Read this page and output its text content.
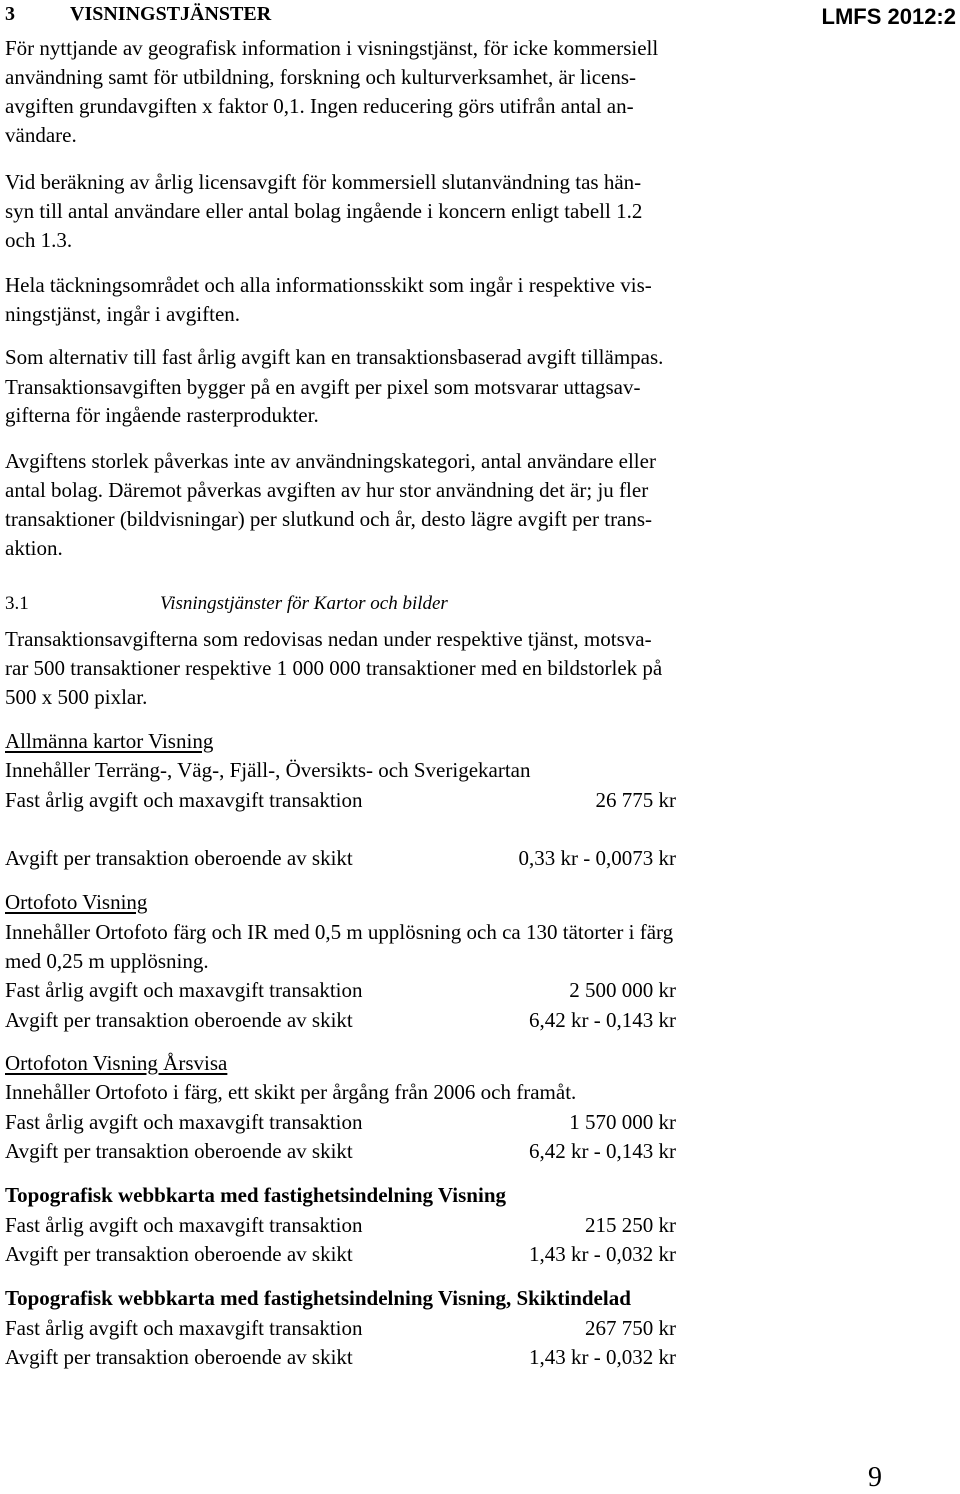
3	VISNINGSTJÄNSTER	LMFS 2012:2
För nyttjande av geografisk information i visningstjänst, för icke kommersiell
användning samt för utbildning, forskning och kulturverksamhet, är licens-
avgiften grundavgiften x faktor 0,1. Ingen reducering görs utifrån antal an-
vändare.
Vid beräkning av årlig licensavgift för kommersiell slutanvändning tas hän-
syn till antal användare eller antal bolag ingående i koncern enligt tabell 1.2
och 1.3.
Hela täckningsområdet och alla informationsskikt som ingår i respektive vis-
ningstjänst, ingår i avgiften.
Som alternativ till fast årlig avgift kan en transaktionsbaserad avgift tillämpas.
Transaktionsavgiften bygger på en avgift per pixel som motsvarar uttagsav-
gifterna för ingående rasterprodukter.
Avgiftens storlek påverkas inte av användningskategori, antal användare eller
antal bolag. Däremot påverkas avgiften av hur stor användning det är; ju fler
transaktioner (bildvisningar) per slutkund och år, desto lägre avgift per trans-
aktion.
3.1	Visningstjänster för Kartor och bilder
Transaktionsavgifterna som redovisas nedan under respektive tjänst, motsva-
rar 500 transaktioner respektive 1 000 000 transaktioner med en bildstorlek på
500 x 500 pixlar.
Allmänna kartor Visning
Innehåller Terräng-, Väg-, Fjäll-, Översikts- och Sverigekartan
Fast årlig avgift och maxavgift transaktion	26 775 kr
Avgift per transaktion oberoende av skikt	0,33 kr - 0,0073 kr
Ortofoto Visning
Innehåller Ortofoto färg och IR med 0,5 m upplösning och ca 130 tätorter i färg
med 0,25 m upplösning.
Fast årlig avgift och maxavgift transaktion	2 500 000 kr
Avgift per transaktion oberoende av skikt	6,42 kr - 0,143 kr
Ortofoton Visning Årsvisa
Innehåller Ortofoto i färg, ett skikt per årgång från 2006 och framåt.
Fast årlig avgift och maxavgift transaktion	1 570 000 kr
Avgift per transaktion oberoende av skikt	6,42 kr - 0,143 kr
Topografisk webbkarta med fastighetsindelning Visning
Fast årlig avgift och maxavgift transaktion	215 250 kr
Avgift per transaktion oberoende av skikt	1,43 kr - 0,032 kr
Topografisk webbkarta med fastighetsindelning Visning, Skiktindelad
Fast årlig avgift och maxavgift transaktion	267 750 kr
Avgift per transaktion oberoende av skikt	1,43 kr - 0,032 kr
9
